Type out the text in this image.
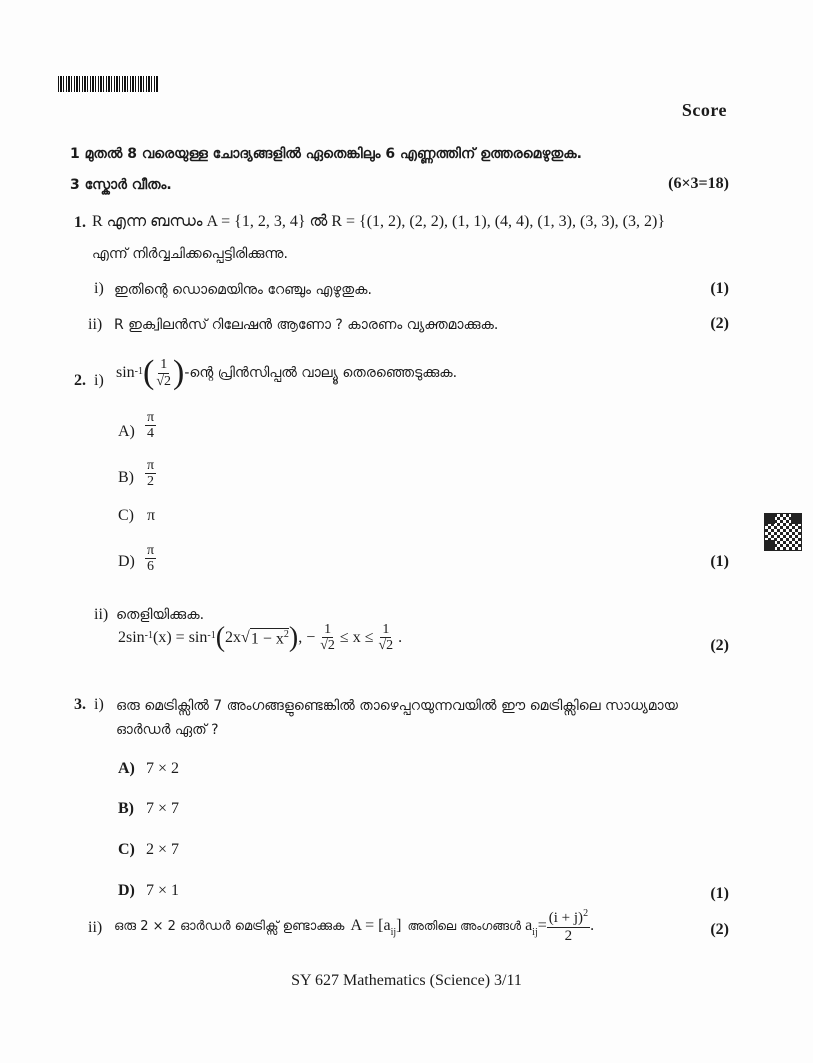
Score
1 മുതൽ 8 വരെയുള്ള ചോദ്യങ്ങളിൽ ഏതെങ്കിലും 6 എണ്ണത്തിന് ഉത്തരമെഴുതുക.
3 സ്കോർ വീതം.	(6×3=18)
1. R എന്ന ബന്ധം A = {1, 2, 3, 4} ൽ R = {(1, 2), (2, 2), (1, 1), (4, 4), (1, 3), (3, 3), (3, 2)}
എന്ന് നിർവ്വചിക്കപ്പെട്ടിരിക്കുന്നു.
i) ഇതിന്റെ ഡൊമെയിനും റേഞ്ചും എഴുതുക.	(1)
ii) R ഇക്വിലൻസ് റിലേഷൻ ആണോ ? കാരണം വ്യക്തമാക്കുക.	(2)
2. i) sin -1 ( $\frac{1}{√2}$ ) -ന്റെ പ്രിൻസിപ്പൽ വാല്യൂ തെരഞ്ഞെടുക്കുക.
$A) \frac{\pi}{4}$
$B) \frac{\pi}{2}$
C) π
$D) \frac{\pi}{6}$	(1)
ii) തെളിയിക്കുക.
2sin -1 (x) = sin -1 ( 2x √ $1 - x^2$ ) , − $\frac{1}{√2} \le x \le \frac{1}{√2}$ .	(2)
3. i) ഒരു മെട്രിക്സിൽ 7 അംഗങ്ങളുണ്ടെങ്കിൽ താഴെപ്പറയുന്നവയിൽ ഈ മെട്രിക്സിലെ സാധ്യമായ
ഓർഡർ ഏത് ?
A) 7 × 2
B) 7 × 7
C) 2 × 7
D) 7 × 1	(1)
ii) ഒരു 2 × 2 ഓർഡർ മെട്രിക്സ് ഉണ്ടാക്കുക $A = [a_{ij}$ ] അതിലെ അംഗങ്ങൾ $a_{ij} = \frac{(i + j)^2}{2}$ .	(2)
SY 627 Mathematics (Science) 3/11
